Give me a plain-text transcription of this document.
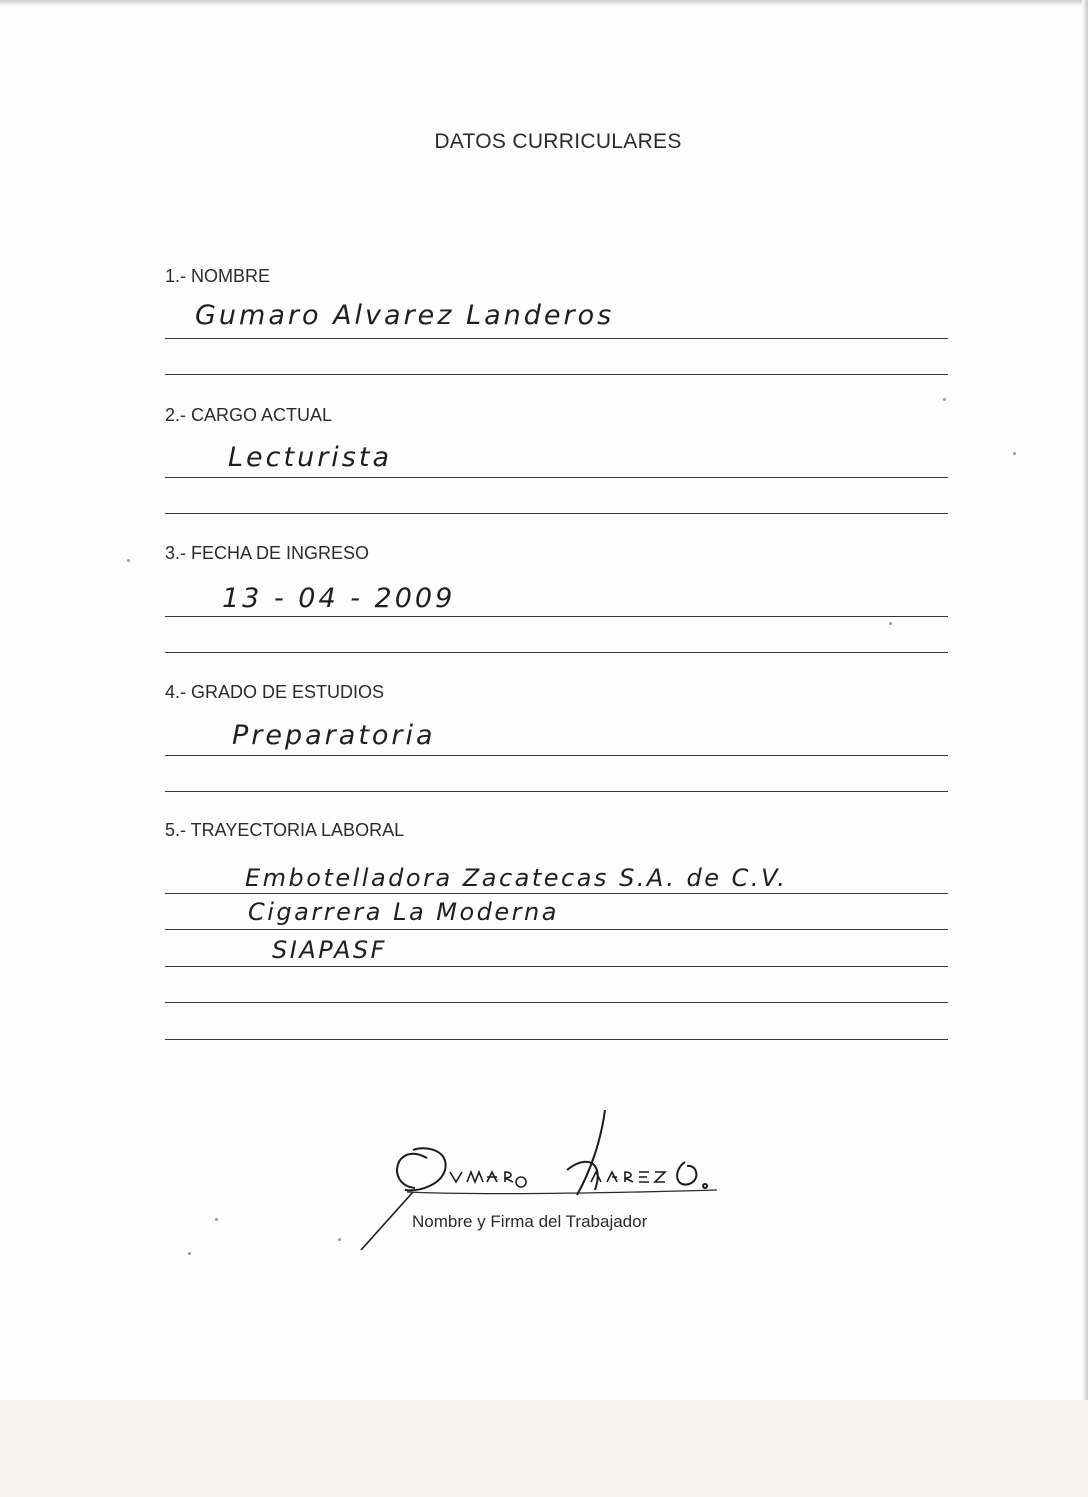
DATOS CURRICULARES
1.- NOMBRE
Gumaro Alvarez Landeros
2.- CARGO ACTUAL
Lecturista
3.- FECHA DE INGRESO
13 - 04 - 2009
4.- GRADO DE ESTUDIOS
Preparatoria
5.- TRAYECTORIA LABORAL
Embotelladora Zacatecas S.A. de C.V.
Cigarrera La Moderna
SIAPASF
Nombre y Firma del Trabajador
